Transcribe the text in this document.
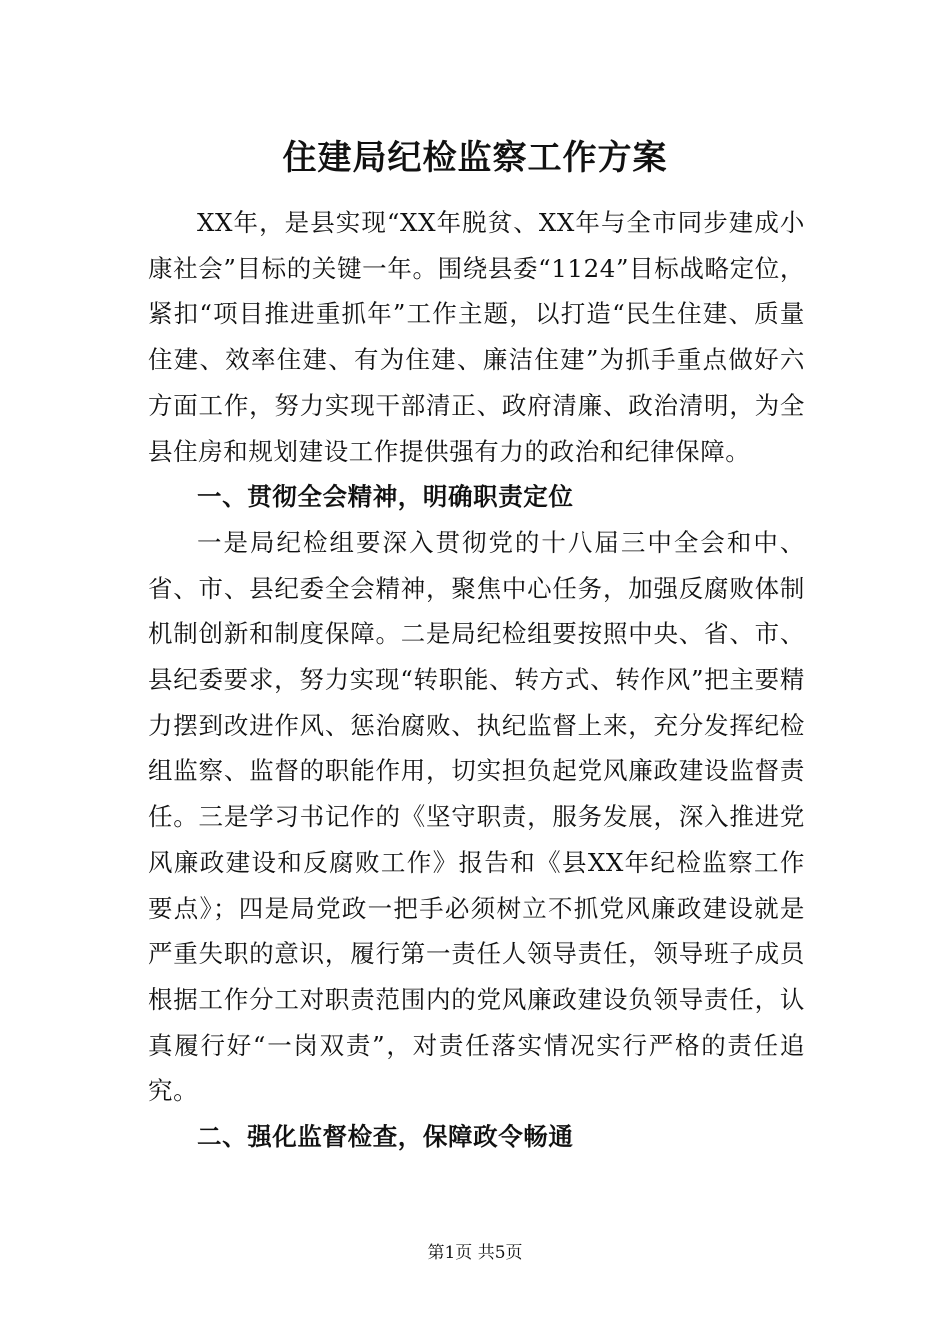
住建局纪检监察工作方案

XX年，是县实现“XX年脱贫、XX年与全市同步建成小康社会”目标的关键一年。围绕县委“1124”目标战略定位，紧扣“项目推进重抓年”工作主题，以打造“民生住建、质量住建、效率住建、有为住建、廉洁住建”为抓手重点做好六方面工作，努力实现干部清正、政府清廉、政治清明，为全县住房和规划建设工作提供强有力的政治和纪律保障。

一、贯彻全会精神，明确职责定位

一是局纪检组要深入贯彻党的十八届三中全会和中、省、市、县纪委全会精神，聚焦中心任务，加强反腐败体制机制创新和制度保障。二是局纪检组要按照中央、省、市、县纪委要求，努力实现“转职能、转方式、转作风”把主要精力摆到改进作风、惩治腐败、执纪监督上来，充分发挥纪检组监察、监督的职能作用，切实担负起党风廉政建设监督责任。三是学习书记作的《坚守职责，服务发展，深入推进党风廉政建设和反腐败工作》报告和《县XX年纪检监察工作要点》；四是局党政一把手必须树立不抓党风廉政建设就是严重失职的意识，履行第一责任人领导责任，领导班子成员根据工作分工对职责范围内的党风廉政建设负领导责任，认真履行好“一岗双责”，对责任落实情况实行严格的责任追究。

二、强化监督检查，保障政令畅通

第1页 共5页
